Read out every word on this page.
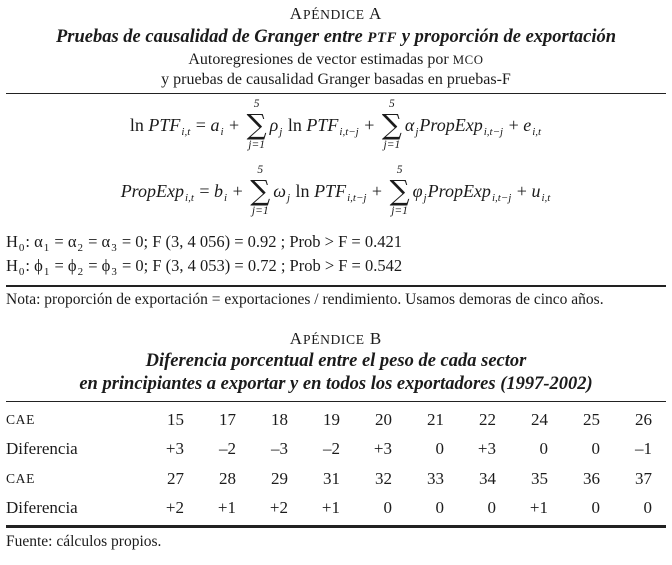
APÉNDICE A
Pruebas de causalidad de Granger entre PTF y proporción de exportación
Autoregresiones de vector estimadas por MCO
y pruebas de causalidad Granger basadas en pruebas-F
$\ln PTF_{i,t} = a_i$ +
5
∑
j=1
$\rho_j$ $\ln PTF_{i,t-j}$ +
5
∑
j=1
$\alpha_jPropExp_{i,t-j} + e_{i,t}$
PropExp$_{i,t}$ = $b_i$ +
5
∑
j=1
$\omega_j$ $\ln PTF_{i,t-j}$ +
5
∑
j=1
$\varphi_jPropExp_{i,t-j} + u_{i,t}$
$H_0$: $\alpha_1 = \alpha_2 = \alpha_3 = 0$; F (3, 4 056) = 0.92 ; Prob > F = 0.421
$H_0$: $\phi_1 = \phi_2 = \phi_3 = 0$; F (3, 4 053) = 0.72 ; Prob > F = 0.542
Nota: proporción de exportación = exportaciones / rendimiento. Usamos demoras de cinco años.
APÉNDICE B
Diferencia porcentual entre el peso de cada sector
en principiantes a exportar y en todos los exportadores (1997-2002)
CAE	15	17	18	19	20	21	22	24	25	26
Diferencia	+3	–2	–3	–2	+3	0	+3	0	0	–1
CAE	27	28	29	31	32	33	34	35	36	37
Diferencia	+2	+1	+2	+1	0	0	0	+1	0	0
Fuente: cálculos propios.
